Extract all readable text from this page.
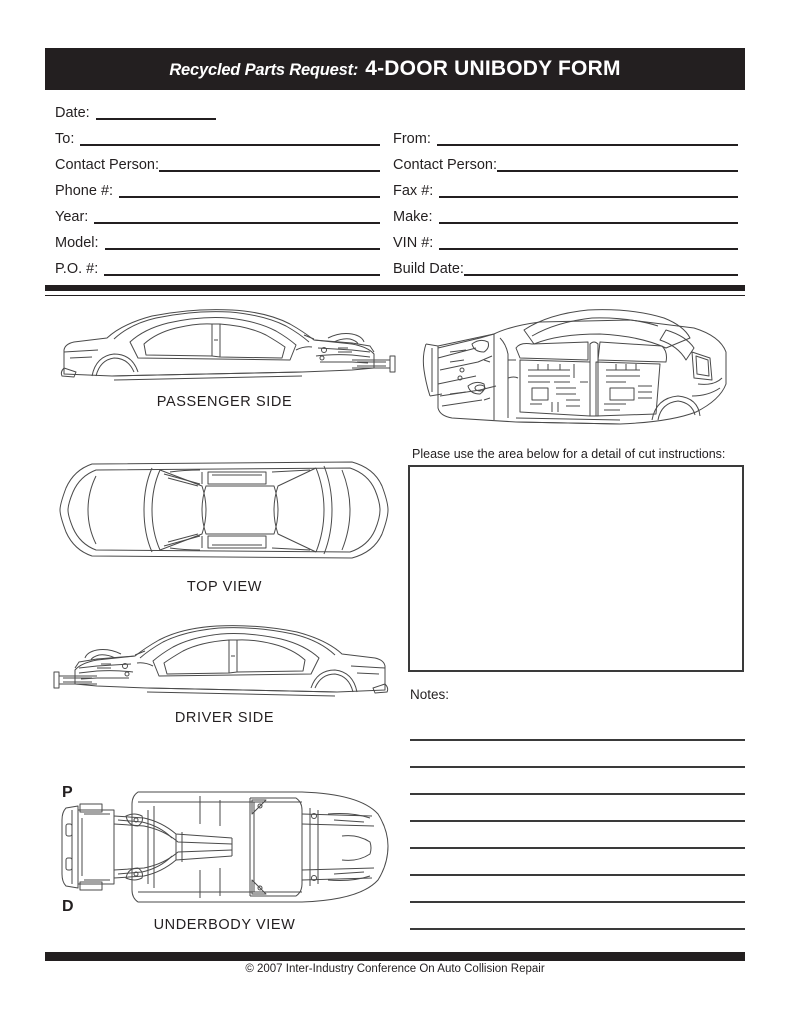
Recycled Parts Request: 4-DOOR UNIBODY FORM
Date:
To:
Contact Person:
Phone #:
Year:
Model:
P.O. #:
From:
Contact Person:
Fax #:
Make:
VIN #:
Build Date:
PASSENGER SIDE
Please use the area below for a detail of cut instructions:
TOP VIEW
DRIVER SIDE
UNDERBODY VIEW
P
D
Notes:
© 2007 Inter-Industry Conference On Auto Collision Repair
